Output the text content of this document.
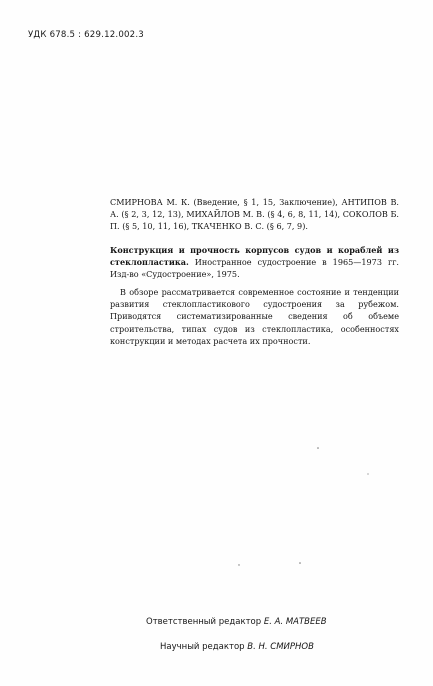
УДК 678.5 : 629.12.002.3
СМИРНОВА М. К. (Введение, § 1, 15, Заключение), АНТИПОВ В. А. (§ 2, 3, 12, 13), МИХАЙЛОВ М. В. (§ 4, 6, 8, 11, 14), СОКОЛОВ Б. П. (§ 5, 10, 11, 16), ТКАЧЕНКО В. С. (§ 6, 7, 9).
Конструкция и прочность корпусов судов и кораблей из стеклопластика. Иностранное судостроение в 1965—1973 гг. Изд-во «Судостроение», 1975.
В обзоре рассматривается современное состояние и тенденции развития стеклопластикового судостроения за рубежом. Приводятся систематизированные сведения об объеме строительства, типах судов из стеклопластика, особенностях конструкции и методах расчета их прочности.
Ответственный редактор Е. А. МАТВЕЕВ
Научный редактор В. Н. СМИРНОВ
